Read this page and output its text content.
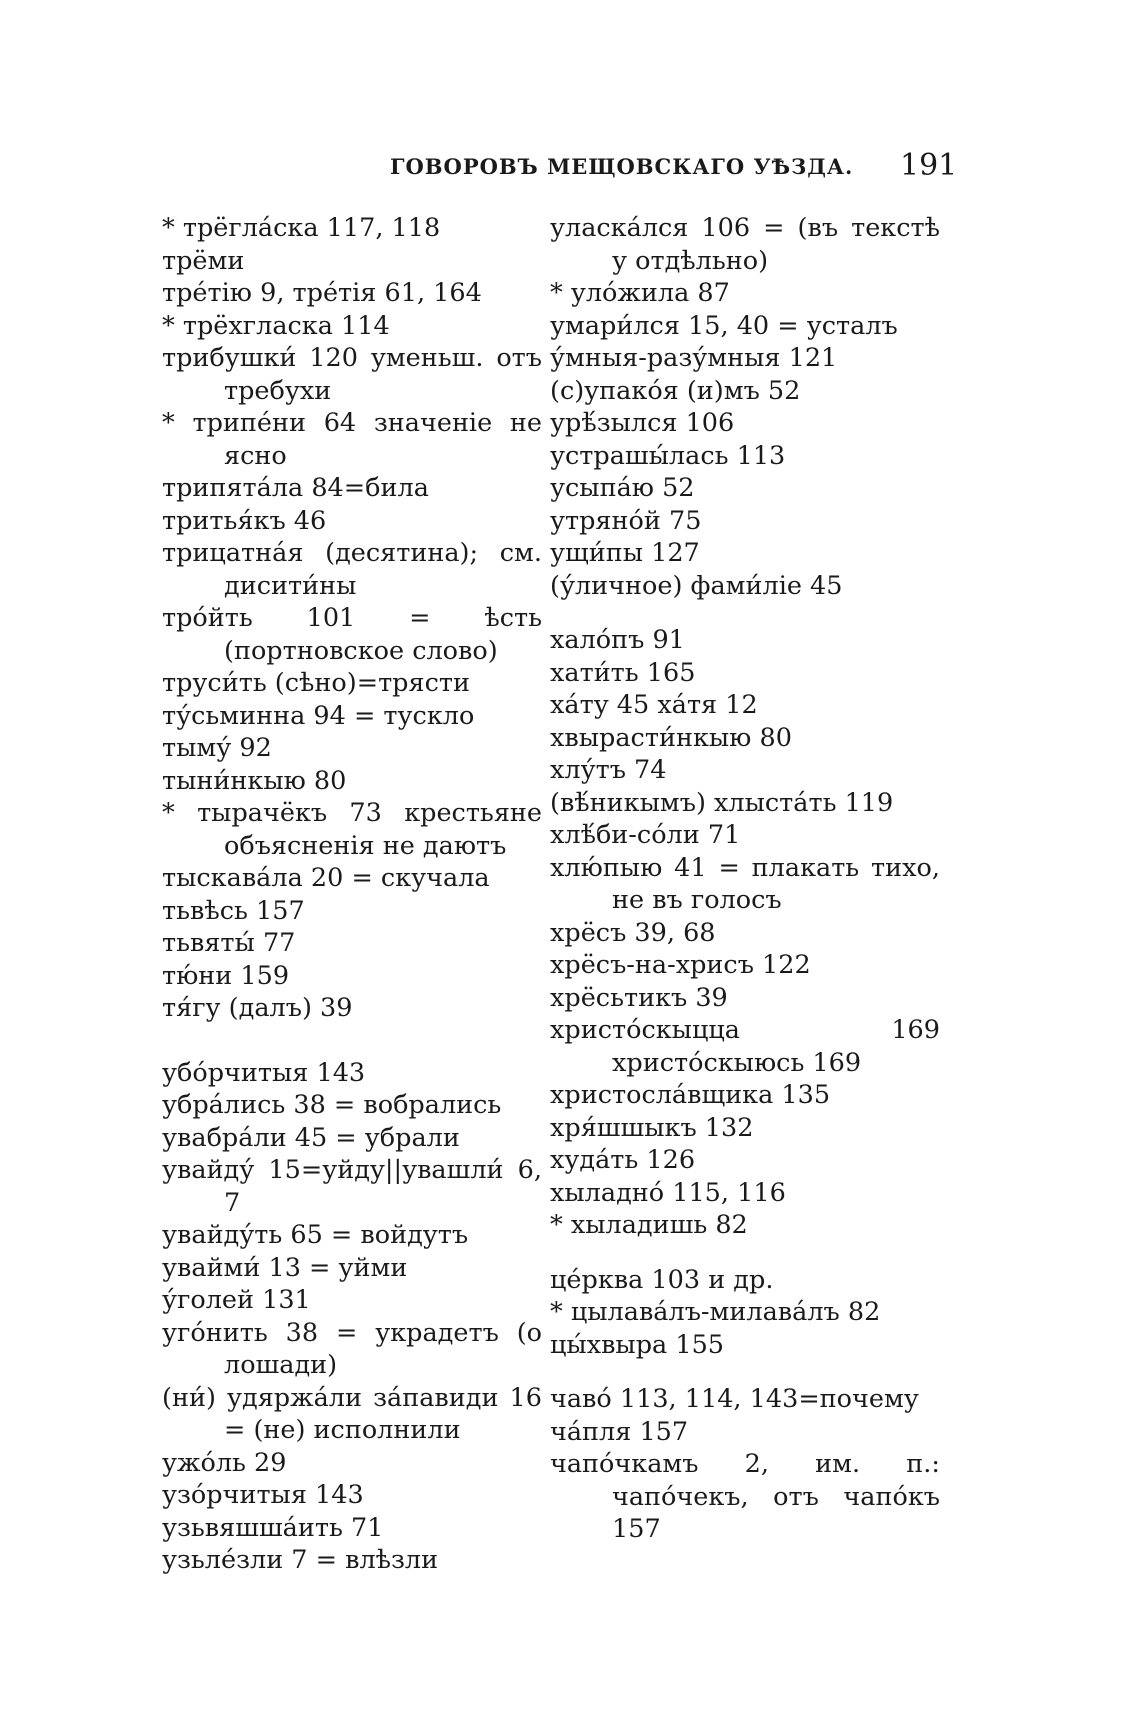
ГОВОРОВЪ МЕЩОВСКАГО УѢЗДА. 191
* трёгла́ска 117, 118
трёми
трéтiю 9, трéтiя 61, 164
* трёхгласка 114
трибушки́ 120 уменьш. отъ требухи
* трипéни 64 значенiе не ясно
трипята́ла 84=била
тритья́къ 46
трицатна́я (десятина); см. дисити́ны
тро́йть 101 = ѣсть (портновское слово)
труси́ть (сѣно)=трясти
ту́сьминна 94 = тускло
тыму́ 92
тыни́нкыю 80
* тырачёкъ 73 крестьяне объясненiя не даютъ
тыскава́ла 20 = скучала
тьвѣсь 157
тьвяты́ 77
тю́ни 159
тя́гу (далъ) 39
убо́рчитыя 143
убра́лись 38 = вобрались
увабра́ли 45 = убрали
увайду́ 15=уйду||увашли́ 6, 7
увайду́ть 65 = войдутъ
увайми́ 13 = уйми
у́голей 131
уго́нить 38 = украдетъ (о лошади)
(ни́) удяржа́ли за́павиди 16 = (не) исполнили
ужо́ль 29
узо́рчитыя 143
узьвяшша́ить 71
узьлéзли 7 = влѣзли
уласка́лся 106 = (въ текстѣ у отдѣльно)
* уло́жила 87
умари́лся 15, 40 = усталъ
у́мныя-разу́мныя 121
(с)упако́я (и)мъ 52
урѣ́зылся 106
устрашы́лась 113
усыпа́ю 52
утряно́й 75
ущи́пы 127
(у́личное) фами́лiе 45
хало́пъ 91
хати́ть 165
ха́ту 45 ха́тя 12
хвырасти́нкыю 80
хлу́тъ 74
(вѣ́никымъ) хлыста́ть 119
хлѣ́би-со́ли 71
хлю́пыю 41 = плакать тихо, не въ голосъ
хрёсъ 39, 68
хрёсъ-на-хрисъ 122
хрёсьтикъ 39
христо́скыцца 169 христо́скыюсь 169
христосла́вщика 135
хря́шшыкъ 132
худа́ть 126
хыладно́ 115, 116
* хыладишь 82
цéрква 103 и др.
* цылава́лъ-милава́лъ 82
цы́хвыра 155
чаво́ 113, 114, 143=почему
ча́пля 157
чапо́чкамъ 2, им. п.: чапо́чекъ, отъ чапо́къ 157
